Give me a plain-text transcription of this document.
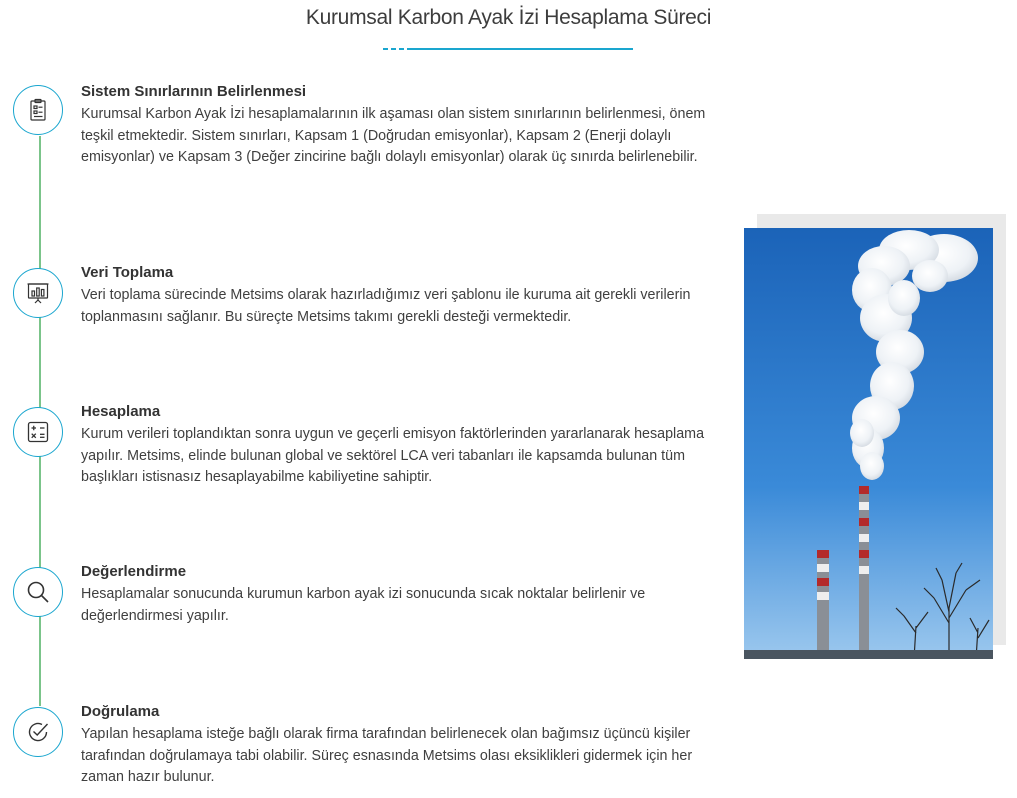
Kurumsal Karbon Ayak İzi Hesaplama Süreci
Sistem Sınırlarının Belirlenmesi

Kurumsal Karbon Ayak İzi hesaplamalarının ilk aşaması olan sistem sınırlarının belirlenmesi, önem teşkil etmektedir. Sistem sınırları, Kapsam 1 (Doğrudan emisyonlar), Kapsam 2 (Enerji dolaylı emisyonlar) ve Kapsam 3 (Değer zincirine bağlı dolaylı emisyonlar) olarak üç sınırda belirlenebilir.

Veri Toplama

Veri toplama sürecinde Metsims olarak hazırladığımız veri şablonu ile kuruma ait gerekli verilerin toplanmasını sağlanır. Bu süreçte Metsims takımı gerekli desteği vermektedir.

Hesaplama

Kurum verileri toplandıktan sonra uygun ve geçerli emisyon faktörlerinden yararlanarak hesaplama yapılır. Metsims, elinde bulunan global ve sektörel LCA veri tabanları ile kapsamda bulunan tüm başlıkları istisnasız hesaplayabilme kabiliyetine sahiptir.

Değerlendirme

Hesaplamalar sonucunda kurumun karbon ayak izi sonucunda sıcak noktalar belirlenir ve değerlendirmesi yapılır.

Doğrulama

Yapılan hesaplama isteğe bağlı olarak firma tarafından belirlenecek olan bağımsız üçüncü kişiler tarafından doğrulamaya tabi olabilir. Süreç esnasında Metsims olası eksiklikleri gidermek için her zaman hazır bulunur.
